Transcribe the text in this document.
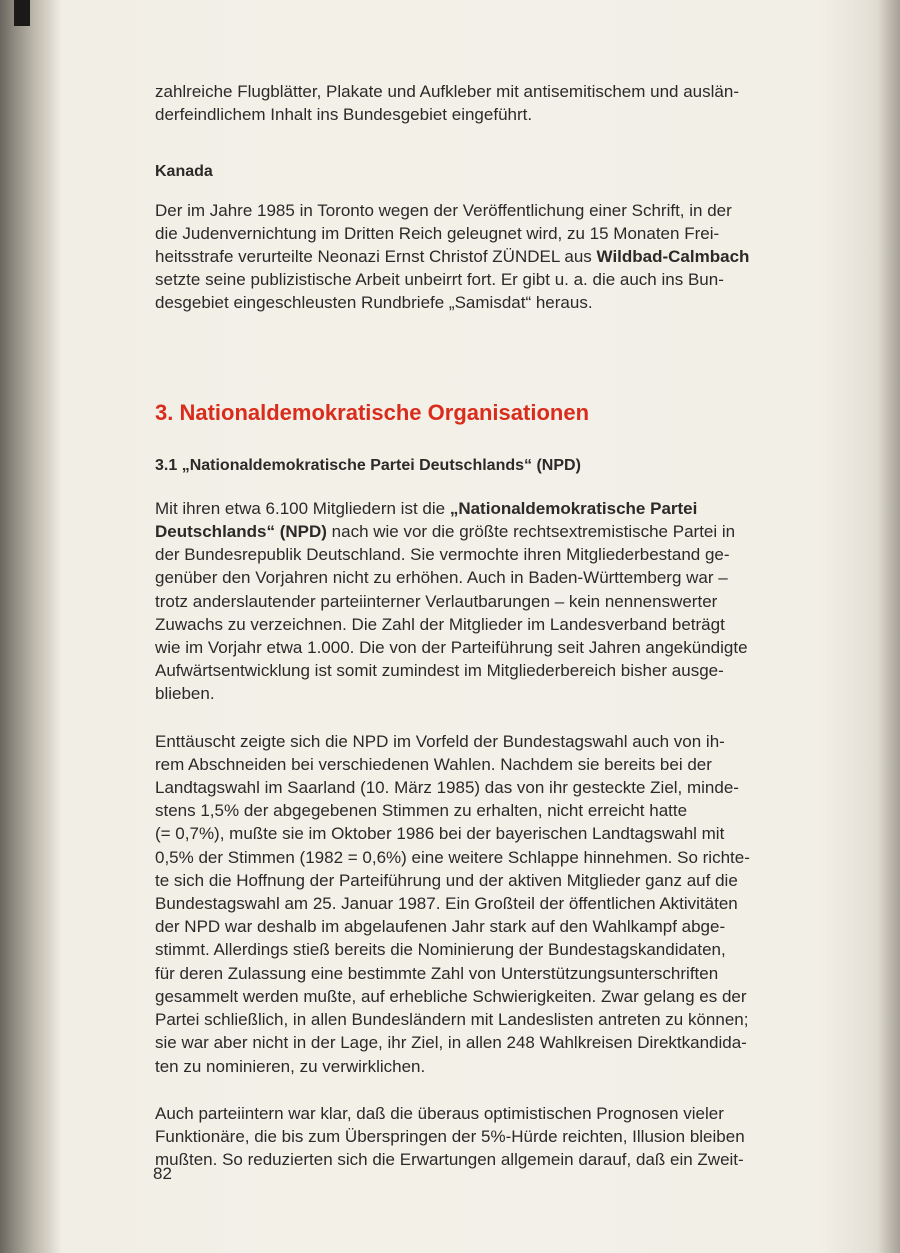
zahlreiche Flugblätter, Plakate und Aufkleber mit antisemitischem und auslän-
derfeindlichem Inhalt ins Bundesgebiet eingeführt.

Kanada

Der im Jahre 1985 in Toronto wegen der Veröffentlichung einer Schrift, in der
die Judenvernichtung im Dritten Reich geleugnet wird, zu 15 Monaten Frei-
heitsstrafe verurteilte Neonazi Ernst Christof ZÜNDEL aus Wildbad-Calmbach
setzte seine publizistische Arbeit unbeirrt fort. Er gibt u. a. die auch ins Bun-
desgebiet eingeschleusten Rundbriefe „Samisdat“ heraus.

3. Nationaldemokratische Organisationen

3.1 „Nationaldemokratische Partei Deutschlands“ (NPD)

Mit ihren etwa 6.100 Mitgliedern ist die „Nationaldemokratische Partei
Deutschlands“ (NPD) nach wie vor die größte rechtsextremistische Partei in
der Bundesrepublik Deutschland. Sie vermochte ihren Mitgliederbestand ge-
genüber den Vorjahren nicht zu erhöhen. Auch in Baden-Württemberg war –
trotz anderslautender parteiinterner Verlautbarungen – kein nennenswerter
Zuwachs zu verzeichnen. Die Zahl der Mitglieder im Landesverband beträgt
wie im Vorjahr etwa 1.000. Die von der Parteiführung seit Jahren angekündigte
Aufwärtsentwicklung ist somit zumindest im Mitgliederbereich bisher ausge-
blieben.

Enttäuscht zeigte sich die NPD im Vorfeld der Bundestagswahl auch von ih-
rem Abschneiden bei verschiedenen Wahlen. Nachdem sie bereits bei der
Landtagswahl im Saarland (10. März 1985) das von ihr gesteckte Ziel, minde-
stens 1,5% der abgegebenen Stimmen zu erhalten, nicht erreicht hatte
(= 0,7%), mußte sie im Oktober 1986 bei der bayerischen Landtagswahl mit
0,5% der Stimmen (1982 = 0,6%) eine weitere Schlappe hinnehmen. So richte-
te sich die Hoffnung der Parteiführung und der aktiven Mitglieder ganz auf die
Bundestagswahl am 25. Januar 1987. Ein Großteil der öffentlichen Aktivitäten
der NPD war deshalb im abgelaufenen Jahr stark auf den Wahlkampf abge-
stimmt. Allerdings stieß bereits die Nominierung der Bundestagskandidaten,
für deren Zulassung eine bestimmte Zahl von Unterstützungsunterschriften
gesammelt werden mußte, auf erhebliche Schwierigkeiten. Zwar gelang es der
Partei schließlich, in allen Bundesländern mit Landeslisten antreten zu können;
sie war aber nicht in der Lage, ihr Ziel, in allen 248 Wahlkreisen Direktkandida-
ten zu nominieren, zu verwirklichen.

Auch parteiintern war klar, daß die überaus optimistischen Prognosen vieler
Funktionäre, die bis zum Überspringen der 5%-Hürde reichten, Illusion bleiben
mußten. So reduzierten sich die Erwartungen allgemein darauf, daß ein Zweit-

82
